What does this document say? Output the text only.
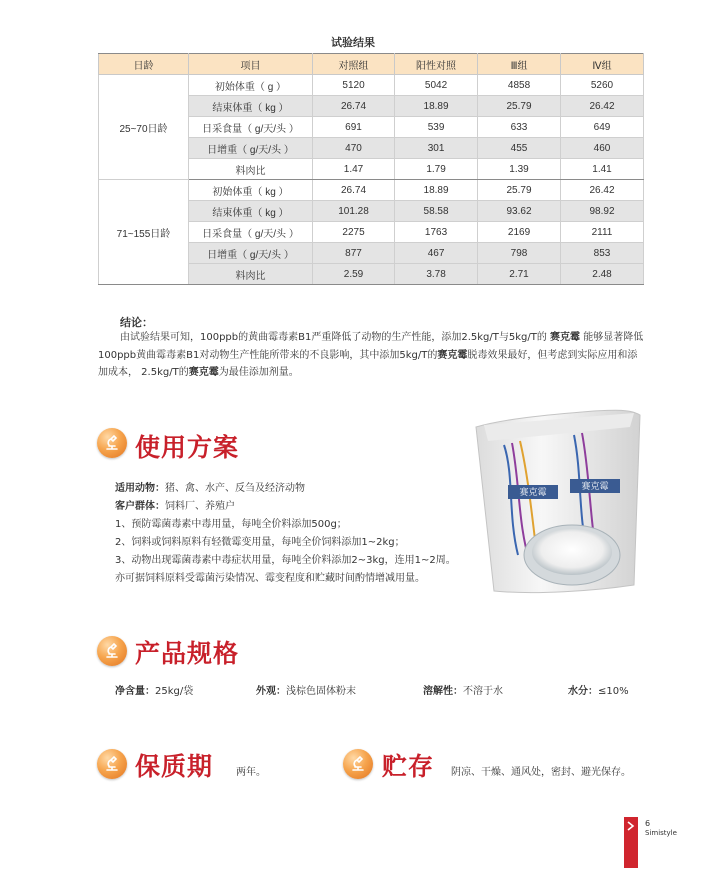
试验结果
日龄	项目	对照组	阳性对照	Ⅲ组	Ⅳ组
25~70日龄	初始体重（ g ）	5120	5042	4858	5260
	结束体重（ kg ）	26.74	18.89	25.79	26.42
	日采食量（ g/天/头 ）	691	539	633	649
	日增重（ g/天/头 ）	470	301	455	460
	料肉比	1.47	1.79	1.39	1.41
71~155日龄	初始体重（ kg ）	26.74	18.89	25.79	26.42
	结束体重（ kg ）	101.28	58.58	93.62	98.92
	日采食量（ g/天/头 ）	2275	1763	2169	2111
	日增重（ g/天/头 ）	877	467	798	853
	料肉比	2.59	3.78	2.71	2.48
结论：
由试验结果可知，100ppb的黄曲霉毒素B1严重降低了动物的生产性能，添加2.5kg/T与5kg/T的 赛克霉 能够显著降低100ppb黄曲霉毒素B1对动物生产性能所带来的不良影响，其中添加5kg/T的赛克霉脱毒效果最好，但考虑到实际应用和添加成本， 2.5kg/T的赛克霉为最佳添加剂量。
使用方案
适用动物：猪、禽、水产、反刍及经济动物
客户群体：饲料厂、养殖户
1、预防霉菌毒素中毒用量，每吨全价料添加500g；
2、饲料或饲料原料有轻微霉变用量，每吨全价饲料添加1~2kg；
3、动物出现霉菌毒素中毒症状用量，每吨全价料添加2~3kg，连用1~2周。
亦可据饲料原料受霉菌污染情况、霉变程度和贮藏时间酌情增减用量。
赛克霉
赛克霉
产品规格
净含量：25kg/袋	外观：浅棕色固体粉末	溶解性：不溶于水	水分：≤10%
保质期 两年。	贮存 阴凉、干燥、通风处，密封、避光保存。
6
Simistyle
